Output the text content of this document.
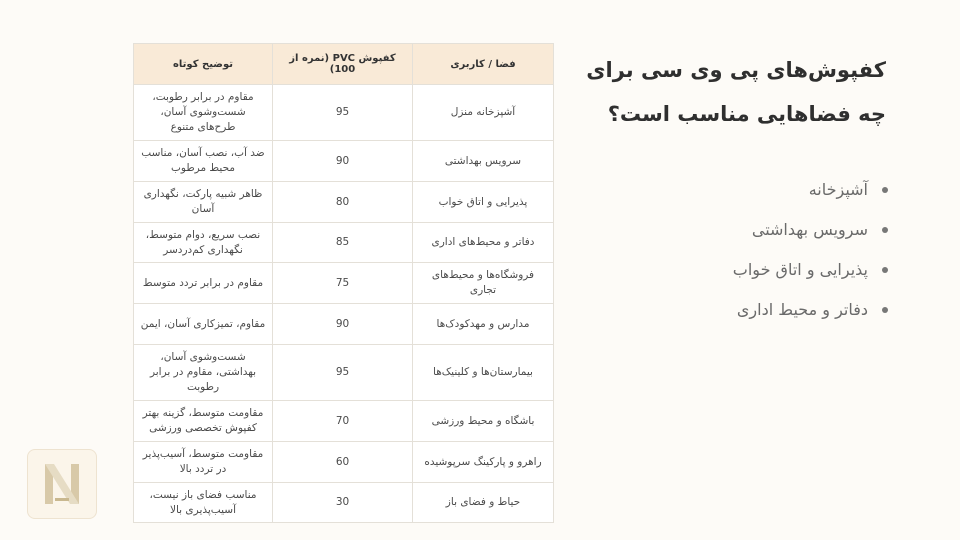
فضا / کاربری	کفپوش PVC (نمره از 100)	توضیح کوتاه
آشپزخانه منزل	95	مقاوم در برابر رطوبت، شست‌وشوی آسان، طرح‌های متنوع
سرویس بهداشتی	90	ضد آب، نصب آسان، مناسب محیط مرطوب
پذیرایی و اتاق خواب	80	ظاهر شبیه پارکت، نگهداری آسان
دفاتر و محیط‌های اداری	85	نصب سریع، دوام متوسط، نگهداری کم‌دردسر
فروشگاه‌ها و محیط‌های تجاری	75	مقاوم در برابر تردد متوسط
مدارس و مهدکودک‌ها	90	مقاوم، تمیزکاری آسان، ایمن
بیمارستان‌ها و کلینیک‌ها	95	شست‌وشوی آسان، بهداشتی، مقاوم در برابر رطوبت
باشگاه و محیط ورزشی	70	مقاومت متوسط، گزینه بهتر کفپوش تخصصی ورزشی
راهرو و پارکینگ سرپوشیده	60	مقاومت متوسط، آسیب‌پذیر در تردد بالا
حیاط و فضای باز	30	مناسب فضای باز نیست، آسیب‌پذیری بالا
کفپوش‌های پی وی سی برای چه فضاهایی مناسب است؟
آشپزخانه
سرویس بهداشتی
پذیرایی و اتاق خواب
دفاتر و محیط اداری
